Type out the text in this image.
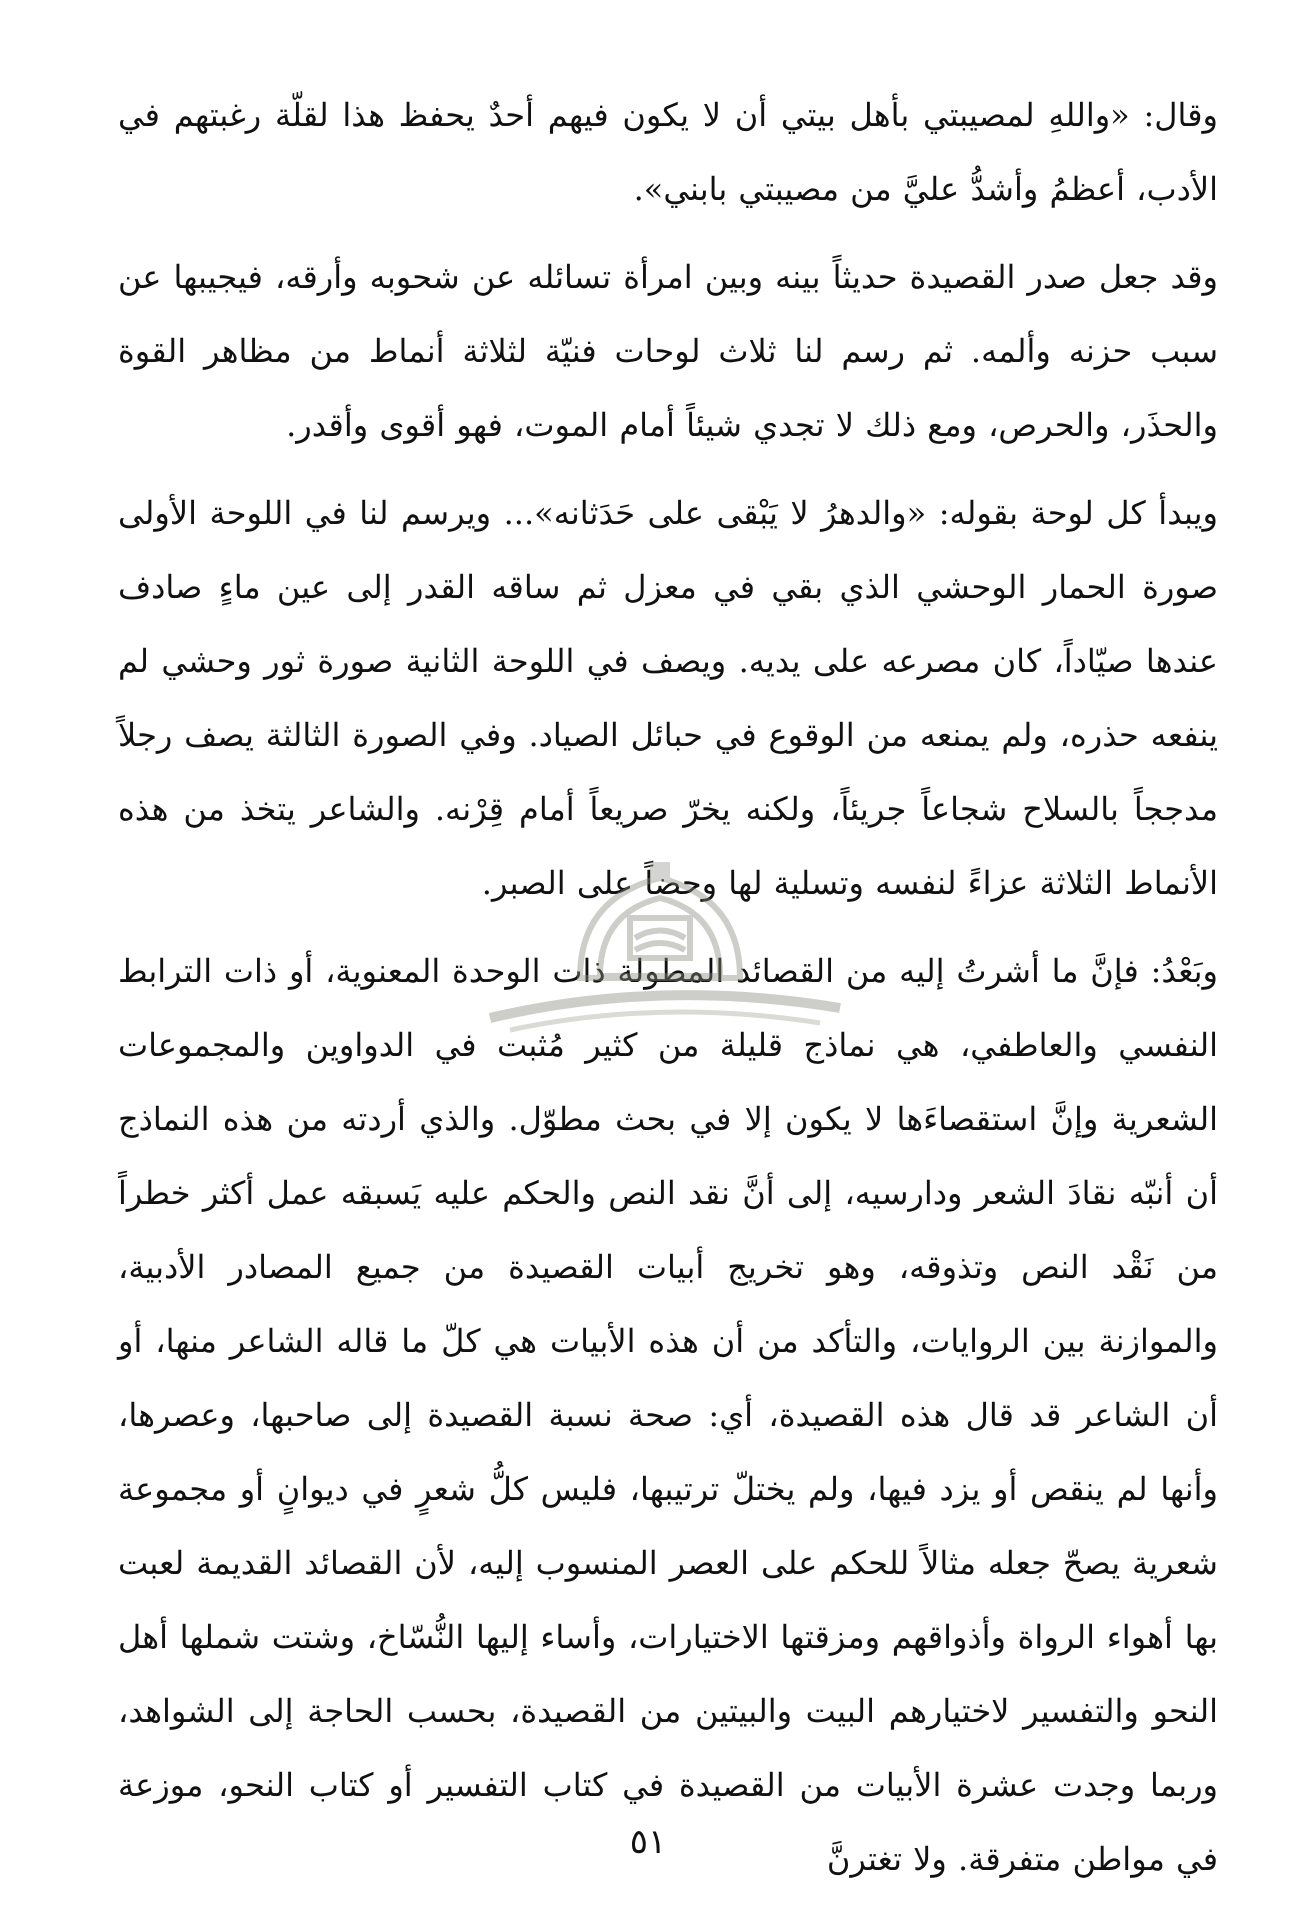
وقال: «واللهِ لمصيبتي بأهل بيتي أن لا يكون فيهم أحدٌ يحفظ هذا لقلّة رغبتهم في الأدب، أعظمُ وأشدُّ عليَّ من مصيبتي بابني».

وقد جعل صدر القصيدة حديثاً بينه وبين امرأة تسائله عن شحوبه وأرقه، فيجيبها عن سبب حزنه وألمه. ثم رسم لنا ثلاث لوحات فنيّة لثلاثة أنماط من مظاهر القوة والحذَر، والحرص، ومع ذلك لا تجدي شيئاً أمام الموت، فهو أقوى وأقدر.

ويبدأ كل لوحة بقوله: «والدهرُ لا يَبْقى على حَدَثانه»... ويرسم لنا في اللوحة الأولى صورة الحمار الوحشي الذي بقي في معزل ثم ساقه القدر إلى عين ماءٍ صادف عندها صيّاداً، كان مصرعه على يديه. ويصف في اللوحة الثانية صورة ثور وحشي لم ينفعه حذره، ولم يمنعه من الوقوع في حبائل الصياد. وفي الصورة الثالثة يصف رجلاً مدججاً بالسلاح شجاعاً جريئاً، ولكنه يخرّ صريعاً أمام قِرْنه. والشاعر يتخذ من هذه الأنماط الثلاثة عزاءً لنفسه وتسلية لها وحضاً على الصبر.

وبَعْدُ: فإنَّ ما أشرتُ إليه من القصائد المطولة ذات الوحدة المعنوية، أو ذات الترابط النفسي والعاطفي، هي نماذج قليلة من كثير مُثبت في الدواوين والمجموعات الشعرية وإنَّ استقصاءَها لا يكون إلا في بحث مطوّل. والذي أردته من هذه النماذج أن أنبّه نقادَ الشعر ودارسيه، إلى أنَّ نقد النص والحكم عليه يَسبقه عمل أكثر خطراً من نَقْد النص وتذوقه، وهو تخريج أبيات القصيدة من جميع المصادر الأدبية، والموازنة بين الروايات، والتأكد من أن هذه الأبيات هي كلّ ما قاله الشاعر منها، أو أن الشاعر قد قال هذه القصيدة، أي: صحة نسبة القصيدة إلى صاحبها، وعصرها، وأنها لم ينقص أو يزد فيها، ولم يختلّ ترتيبها، فليس كلُّ شعرٍ في ديوانٍ أو مجموعة شعرية يصحّ جعله مثالاً للحكم على العصر المنسوب إليه، لأن القصائد القديمة لعبت بها أهواء الرواة وأذواقهم ومزقتها الاختيارات، وأساء إليها النُّسّاخ، وشتت شملها أهل النحو والتفسير لاختيارهم البيت والبيتين من القصيدة، بحسب الحاجة إلى الشواهد، وربما وجدت عشرة الأبيات من القصيدة في كتاب التفسير أو كتاب النحو، موزعة في مواطن متفرقة. ولا تغترنَّ

٥١
